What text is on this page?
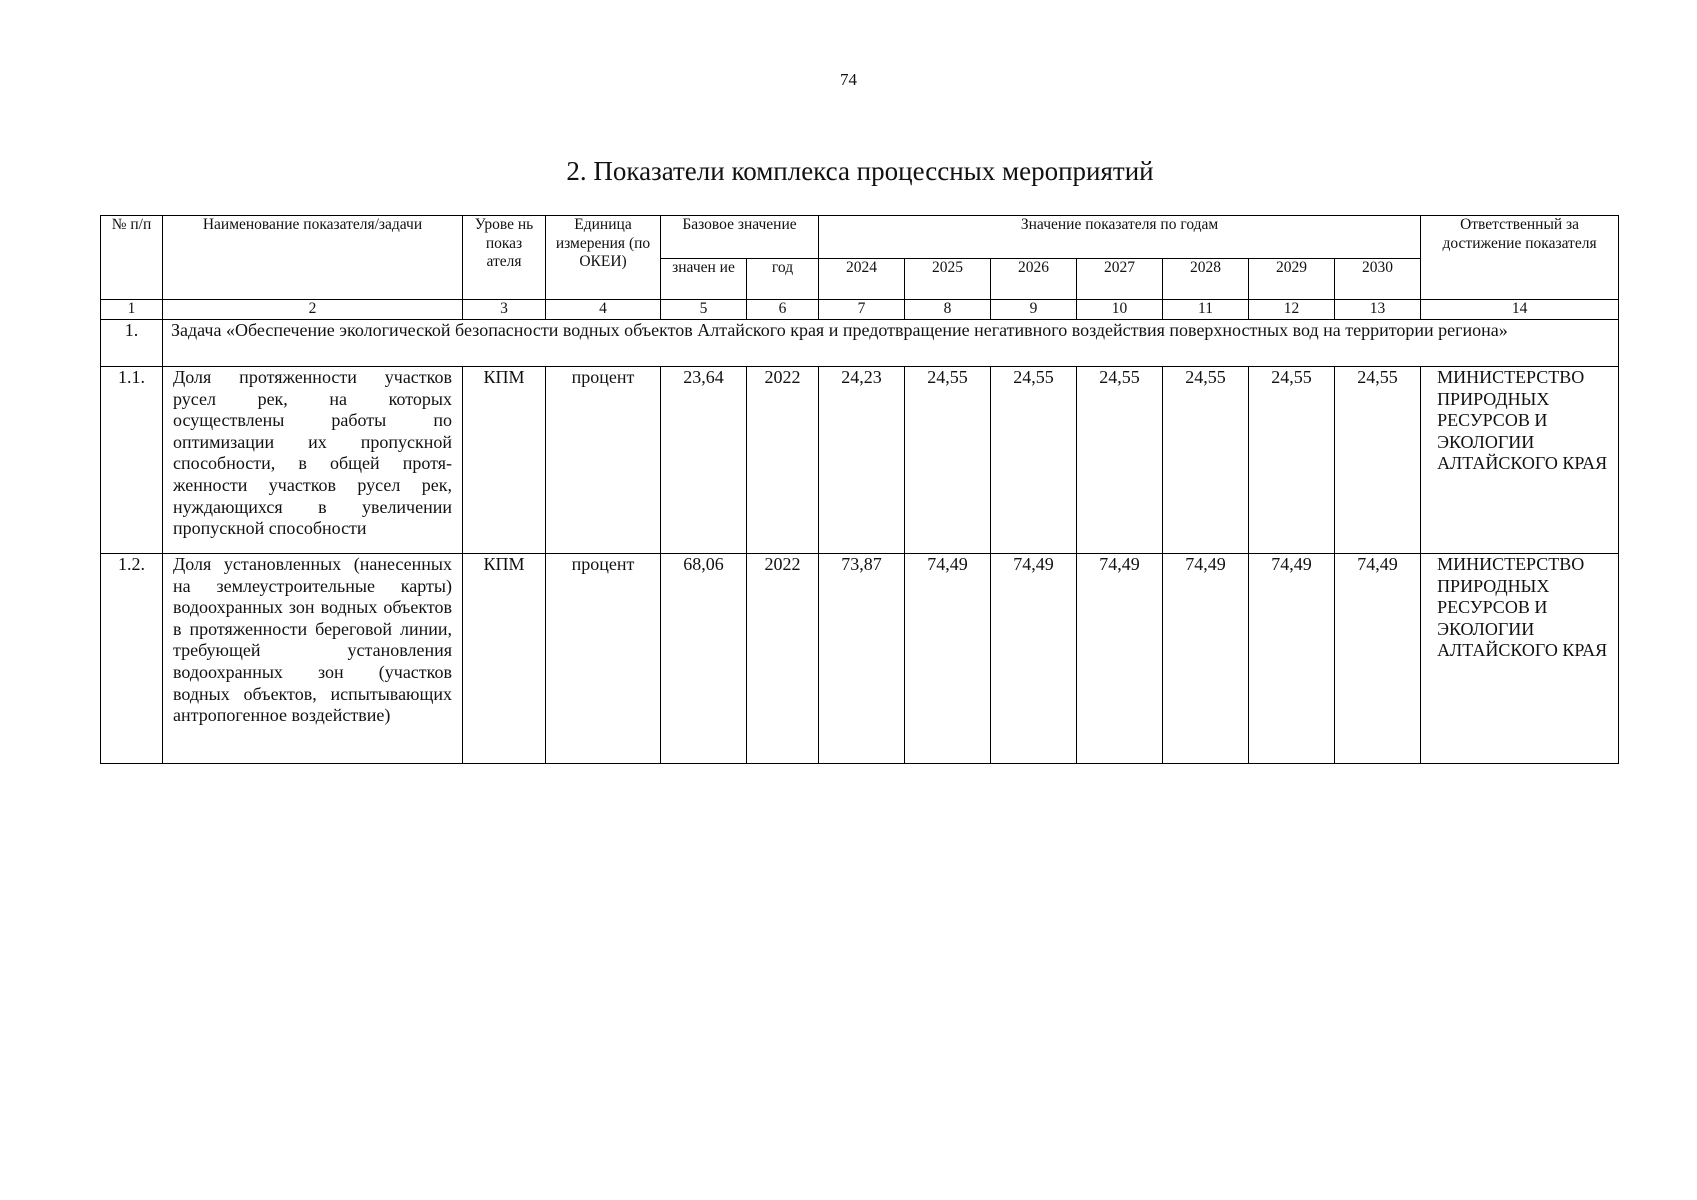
74
2. Показатели комплекса процессных мероприятий
№ п/п	Наименование показателя/задачи	Урове нь показ ателя	Единица измерения (по ОКЕИ)	Базовое значение		Значение показателя по годам							Ответственный за достижение показателя
				значен ие	год	2024	2025	2026	2027	2028	2029	2030	
1	2	3	4	5	6	7	8	9	10	11	12	13	14
1.	Задача «Обеспечение экологической безопасности водных объектов Алтайского края и предотвращение негативного воздействия поверхностных вод на территории региона»												
1.1.	Доля протяженности участков русел рек, на которых осуществлены работы по оптимизации их пропускной способности, в общей протяженности участков русел рек, нуждающихся в увеличении пропускной способности	КПМ	процент	23,64	2022	24,23	24,55	24,55	24,55	24,55	24,55	24,55	МИНИСТЕРСТВО ПРИРОДНЫХ РЕСУРСОВ И ЭКОЛОГИИ АЛТАЙСКОГО КРАЯ
1.2.	Доля установленных (нанесенных на землеустроительные карты) водоохранных зон водных объектов в протяженности береговой линии, требующей установления водоохранных зон (участков водных объектов, испытывающих антропогенное воздействие)	КПМ	процент	68,06	2022	73,87	74,49	74,49	74,49	74,49	74,49	74,49	МИНИСТЕРСТВО ПРИРОДНЫХ РЕСУРСОВ И ЭКОЛОГИИ АЛТАЙСКОГО КРАЯ
